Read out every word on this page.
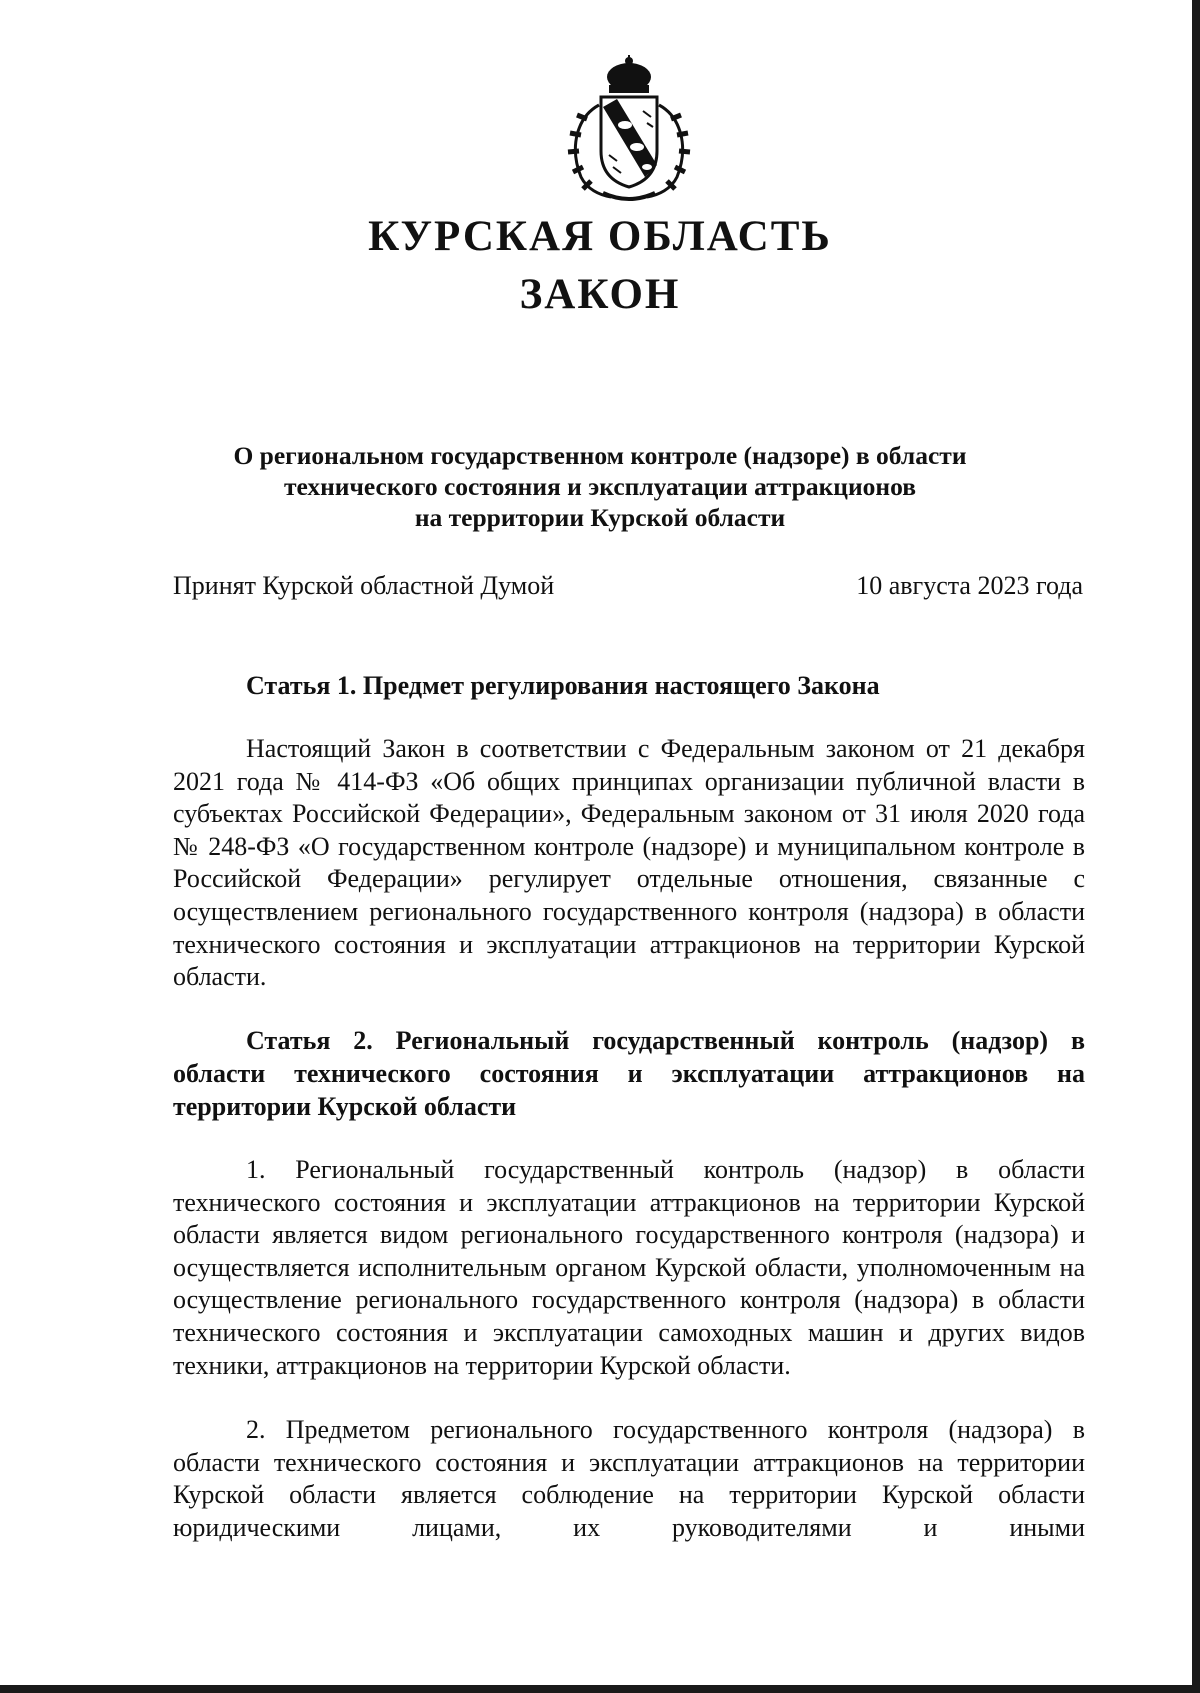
КУРСКАЯ ОБЛАСТЬ
ЗАКОН
О региональном государственном контроле (надзоре) в области
технического состояния и эксплуатации аттракционов
на территории Курской области
Принят Курской областной Думой	10 августа 2023 года
Статья 1. Предмет регулирования настоящего Закона
Настоящий Закон в соответствии с Федеральным законом от 21 декабря 2021 года № 414-ФЗ «Об общих принципах организации публичной власти в субъектах Российской Федерации», Федеральным законом от 31 июля 2020 года № 248-ФЗ «О государственном контроле (надзоре) и муниципальном контроле в Российской Федерации» регулирует отдельные отношения, связанные с осуществлением регионального государственного контроля (надзора) в области технического состояния и эксплуатации аттракционов на территории Курской области.
Статья 2. Региональный государственный контроль (надзор) в области технического состояния и эксплуатации аттракционов на территории Курской области
1. Региональный государственный контроль (надзор) в области технического состояния и эксплуатации аттракционов на территории Курской области является видом регионального государственного контроля (надзора) и осуществляется исполнительным органом Курской области, уполномоченным на осуществление регионального государственного контроля (надзора) в области технического состояния и эксплуатации самоходных машин и других видов техники, аттракционов на территории Курской области.
2. Предметом регионального государственного контроля (надзора) в области технического состояния и эксплуатации аттракционов на территории Курской области является соблюдение на территории Курской области юридическими лицами, их руководителями и иными
